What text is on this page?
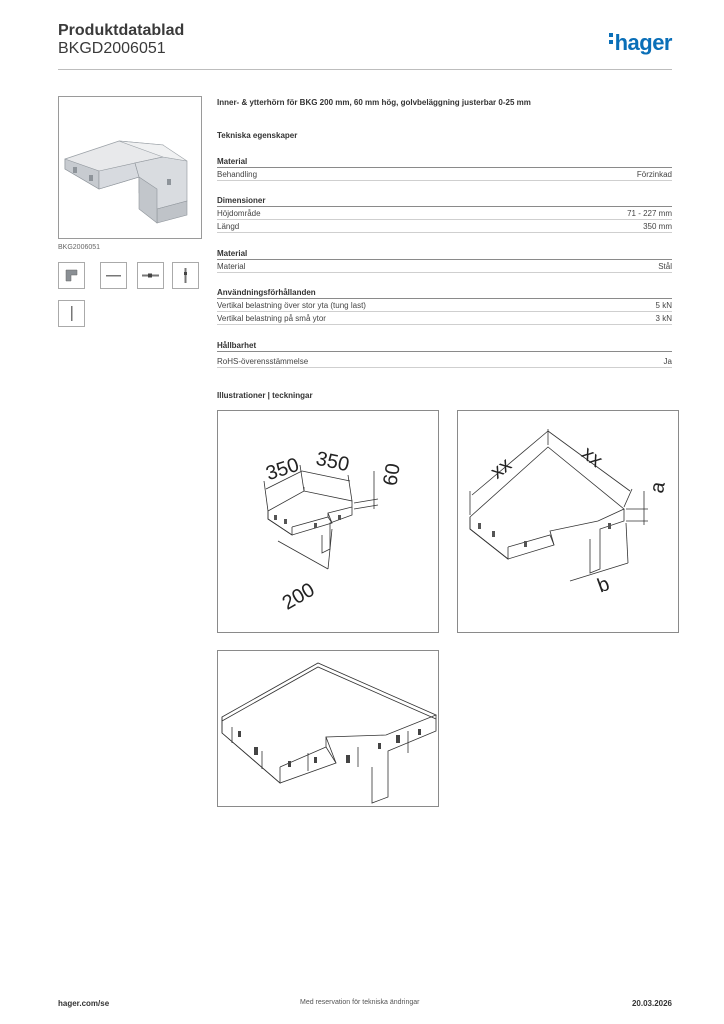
Produktdatablad
BKGD2006051	hager
BKG2006051
Inner- & ytterhörn för BKG 200 mm, 60 mm hög, golvbeläggning justerbar 0-25 mm
Tekniska egenskaper
Material
Behandling	Förzinkad
Dimensioner
Höjdområde	71 - 227 mm
Längd	350 mm
Material
Material	Stål
Användningsförhållanden
Vertikal belastning över stor yta (tung last)	5 kN
Vertikal belastning på små ytor	3 kN
Hållbarhet
RoHS-överensstämmelse	Ja
Illustrationer | teckningar
350 350 60
200
xx	xx
a
b
hager.com/se	Med reservation för tekniska ändringar	20.03.2026
